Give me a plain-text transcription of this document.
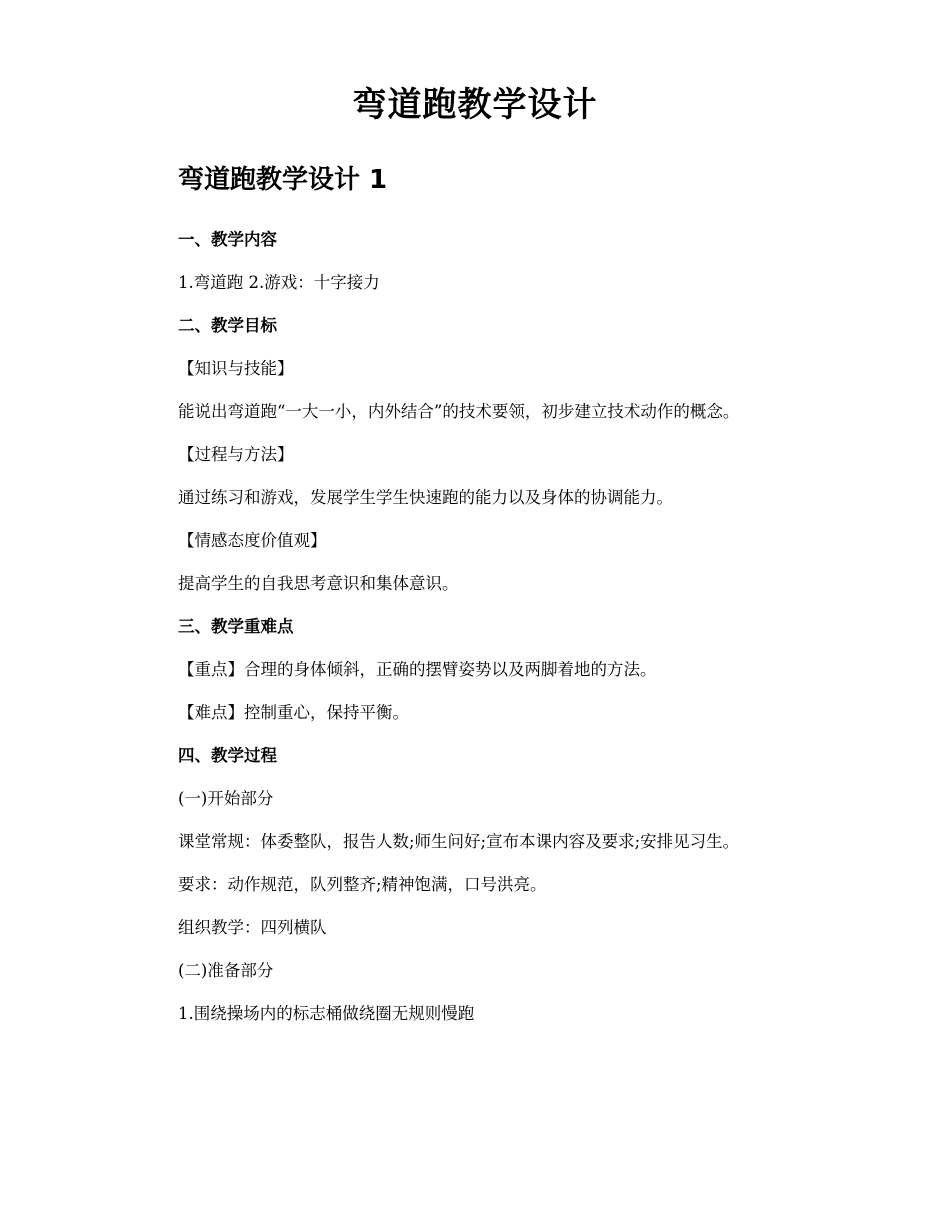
弯道跑教学设计
弯道跑教学设计 1

一、教学内容

1.弯道跑 2.游戏：十字接力

二、教学目标

【知识与技能】

能说出弯道跑“一大一小，内外结合”的技术要领，初步建立技术动作的概念。

【过程与方法】

通过练习和游戏，发展学生学生快速跑的能力以及身体的协调能力。

【情感态度价值观】

提高学生的自我思考意识和集体意识。

三、教学重难点

【重点】合理的身体倾斜，正确的摆臂姿势以及两脚着地的方法。

【难点】控制重心，保持平衡。

四、教学过程

(一)开始部分

课堂常规：体委整队，报告人数;师生问好;宣布本课内容及要求;安排见习生。

要求：动作规范，队列整齐;精神饱满，口号洪亮。

组织教学：四列横队

(二)准备部分

1.围绕操场内的标志桶做绕圈无规则慢跑
